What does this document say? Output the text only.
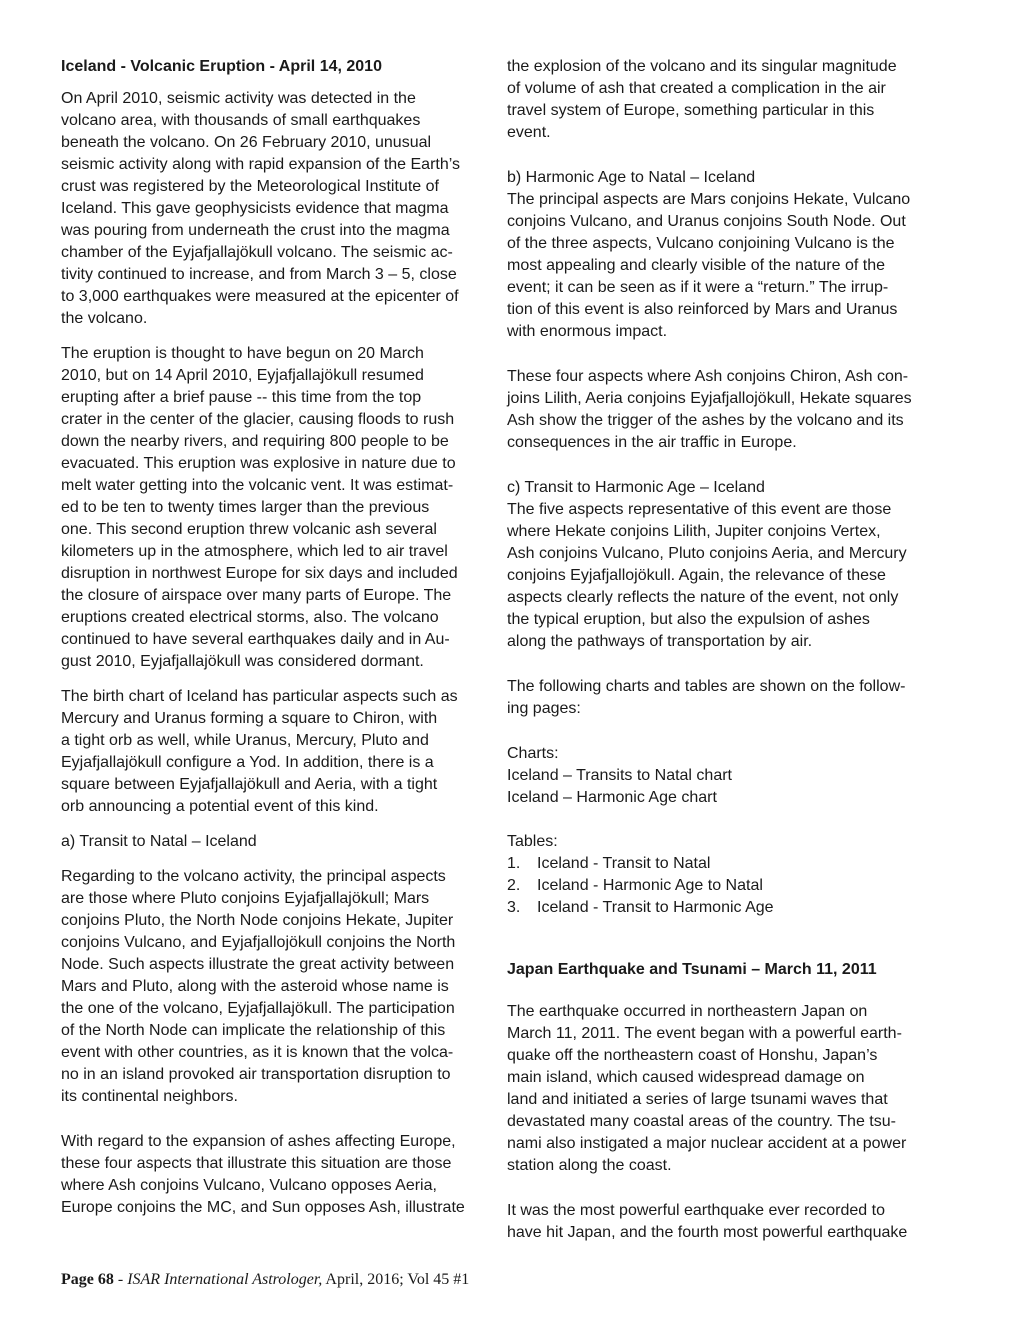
Iceland - Volcanic Eruption - April 14, 2010
On April 2010, seismic activity was detected in the
volcano area, with thousands of small earthquakes
beneath the volcano. On 26 February 2010, unusual
seismic activity along with rapid expansion of the Earth’s
crust was registered by the Meteorological Institute of
Iceland. This gave geophysicists evidence that magma
was pouring from underneath the crust into the magma
chamber of the Eyjafjallajökull volcano. The seismic ac-
tivity continued to increase, and from March 3 – 5, close
to 3,000 earthquakes were measured at the epicenter of
the volcano.
The eruption is thought to have begun on 20 March
2010, but on 14 April 2010, Eyjafjallajökull resumed
erupting after a brief pause -- this time from the top
crater in the center of the glacier, causing floods to rush
down the nearby rivers, and requiring 800 people to be
evacuated. This eruption was explosive in nature due to
melt water getting into the volcanic vent. It was estimat-
ed to be ten to twenty times larger than the previous
one. This second eruption threw volcanic ash several
kilometers up in the atmosphere, which led to air travel
disruption in northwest Europe for six days and included
the closure of airspace over many parts of Europe. The
eruptions created electrical storms, also. The volcano
continued to have several earthquakes daily and in Au-
gust 2010, Eyjafjallajökull was considered dormant.
The birth chart of Iceland has particular aspects such as
Mercury and Uranus forming a square to Chiron, with
a tight orb as well, while Uranus, Mercury, Pluto and
Eyjafjallajökull configure a Yod. In addition, there is a
square between Eyjafjallajökull and Aeria, with a tight
orb announcing a potential event of this kind.
a) Transit to Natal – Iceland
Regarding to the volcano activity, the principal aspects
are those where Pluto conjoins Eyjafjallajökull; Mars
conjoins Pluto, the North Node conjoins Hekate, Jupiter
conjoins Vulcano, and Eyjafjallojökull conjoins the North
Node. Such aspects illustrate the great activity between
Mars and Pluto, along with the asteroid whose name is
the one of the volcano, Eyjafjallajökull. The participation
of the North Node can implicate the relationship of this
event with other countries, as it is known that the volca-
no in an island provoked air transportation disruption to
its continental neighbors.
With regard to the expansion of ashes affecting Europe,
these four aspects that illustrate this situation are those
where Ash conjoins Vulcano, Vulcano opposes Aeria,
Europe conjoins the MC, and Sun opposes Ash, illustrate
the explosion of the volcano and its singular magnitude
of volume of ash that created a complication in the air
travel system of Europe, something particular in this
event.
b) Harmonic Age to Natal – Iceland
The principal aspects are Mars conjoins Hekate, Vulcano
conjoins Vulcano, and Uranus conjoins South Node. Out
of the three aspects, Vulcano conjoining Vulcano is the
most appealing and clearly visible of the nature of the
event; it can be seen as if it were a “return.” The irrup-
tion of this event is also reinforced by Mars and Uranus
with enormous impact.
These four aspects where Ash conjoins Chiron, Ash con-
joins Lilith, Aeria conjoins Eyjafjallojökull, Hekate squares
Ash show the trigger of the ashes by the volcano and its
consequences in the air traffic in Europe.
c) Transit to Harmonic Age – Iceland
The five aspects representative of this event are those
where Hekate conjoins Lilith, Jupiter conjoins Vertex,
Ash conjoins Vulcano, Pluto conjoins Aeria, and Mercury
conjoins Eyjafjallojökull. Again, the relevance of these
aspects clearly reflects the nature of the event, not only
the typical eruption, but also the expulsion of ashes
along the pathways of transportation by air.
The following charts and tables are shown on the follow-
ing pages:
Charts:
Iceland – Transits to Natal chart
Iceland – Harmonic Age chart
Tables:
1. Iceland - Transit to Natal
2. Iceland - Harmonic Age to Natal
3. Iceland - Transit to Harmonic Age
Japan Earthquake and Tsunami – March 11, 2011
The earthquake occurred in northeastern Japan on
March 11, 2011. The event began with a powerful earth-
quake off the northeastern coast of Honshu, Japan’s
main island, which caused widespread damage on
land and initiated a series of large tsunami waves that
devastated many coastal areas of the country. The tsu-
nami also instigated a major nuclear accident at a power
station along the coast.
It was the most powerful earthquake ever recorded to
have hit Japan, and the fourth most powerful earthquake
Page 68 - ISAR International Astrologer, April, 2016; Vol 45 #1
